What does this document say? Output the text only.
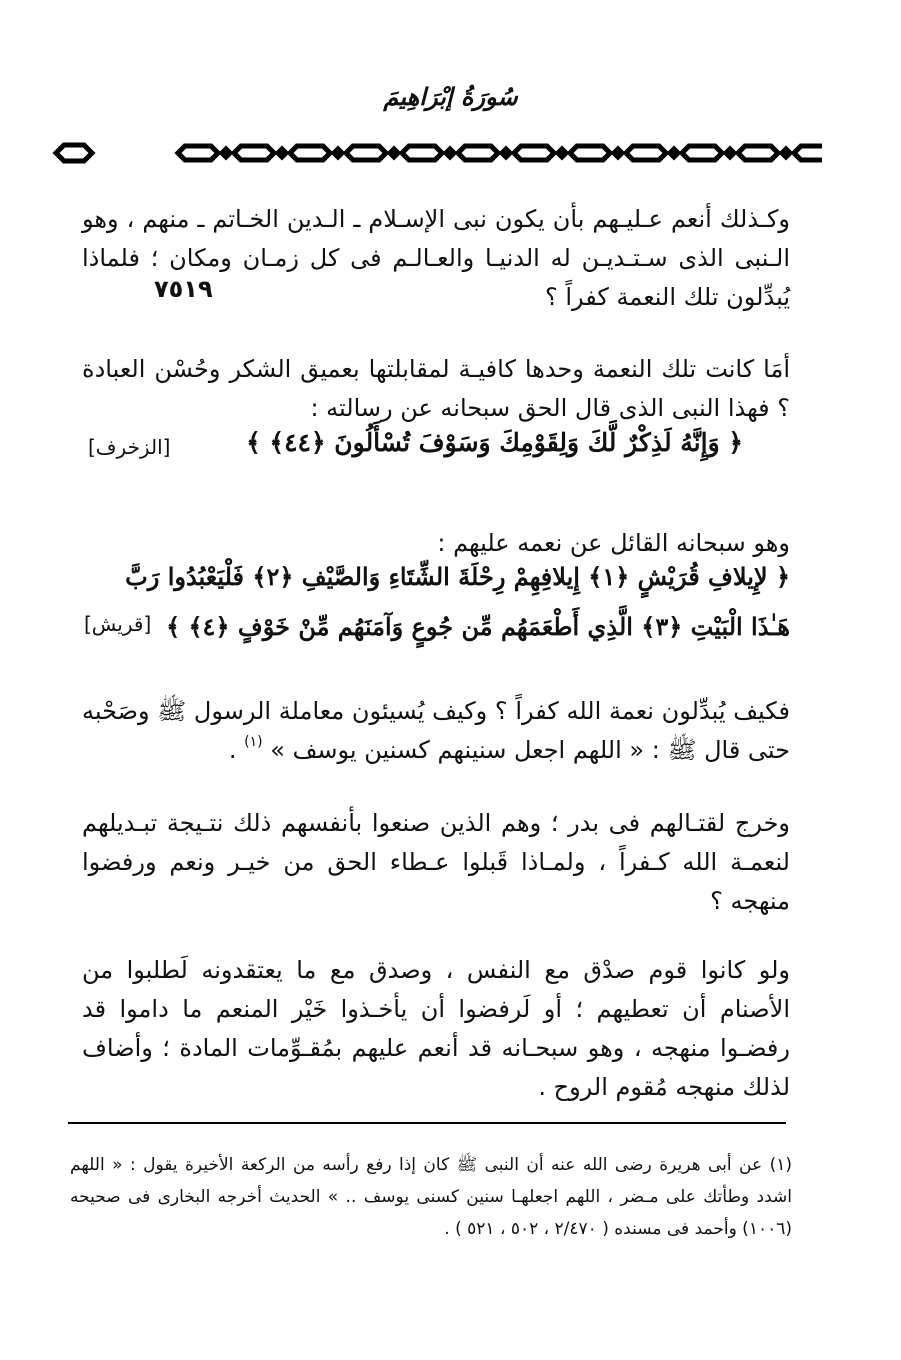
سُورَةُ إبْرَاهِيمَ
٧٥١٩

وكـذلك أنعم عـليـهم بأن يكون نبى الإسـلام ـ الـدين الخـاتم ـ منهم ، وهو الـنبى الذى سـتـديـن له الدنيـا والعـالـم فى كل زمـان ومكان ؛ فلماذا يُبدِّلون تلك النعمة كفراً ؟

أمَا كانت تلك النعمة وحدها كافيـة لمقابلتها بعميق الشكر وحُسْن العبادة ؟ فهذا النبى الذى قال الحق سبحانه عن رسالته :

﴿ وَإِنَّهُ لَذِكْرٌ لَّكَ وَلِقَوْمِكَ وَسَوْفَ تُسْأَلُونَ ﴿٤٤﴾ ﴾
[الزخرف]

وهو سبحانه القائل عن نعمه عليهم :

﴿ لإِيلافِ قُرَيْشٍ ﴿١﴾ إِيلافِهِمْ رِحْلَةَ الشِّتَاءِ وَالصَّيْفِ ﴿٢﴾ فَلْيَعْبُدُوا رَبَّ هَـٰذَا الْبَيْتِ ﴿٣﴾ الَّذِي أَطْعَمَهُم مِّن جُوعٍ وَآمَنَهُم مِّنْ خَوْفٍ ﴿٤﴾ ﴾
[قريش]

فكيف يُبدِّلون نعمة الله كفراً ؟ وكيف يُسيئون معاملة الرسول ﷺ وصَحْبه حتى قال ﷺ : « اللهم اجعل سنينهم كسنين يوسف » $^{(١)}$ .

وخرج لقتـالهم فى بدر ؛ وهم الذين صنعوا بأنفسهم ذلك نتـيجة تبـديلهم لنعمـة الله كـفراً ، ولمـاذا قَبلوا عـطاء الحق من خيـر ونعم ورفضوا منهجه ؟

ولو كانوا قوم صدْق مع النفس ، وصدق مع ما يعتقدونه لَطلبوا من الأصنام أن تعطيهم ؛ أو لَرفضوا أن يأخـذوا خَيْر المنعم ما داموا قد رفضـوا منهجه ، وهو سبحـانه قد أنعم عليهم بمُقـوِّمات المادة ؛ وأضاف لذلك منهجه مُقوم الروح .

(١) عن أبى هريرة رضى الله عنه أن النبى ﷺ كان إذا رفع رأسه من الركعة الأخيرة يقول : « اللهم اشدد وطأتك على مـضر ، اللهم اجعلهـا سنين كسنى يوسف .. » الحديث أخرجه البخارى فى صحيحه (١٠٠٦) وأحمد فى مسنده ( ٢/٤٧٠ ، ٥٠٢ ، ٥٢١ ) .
